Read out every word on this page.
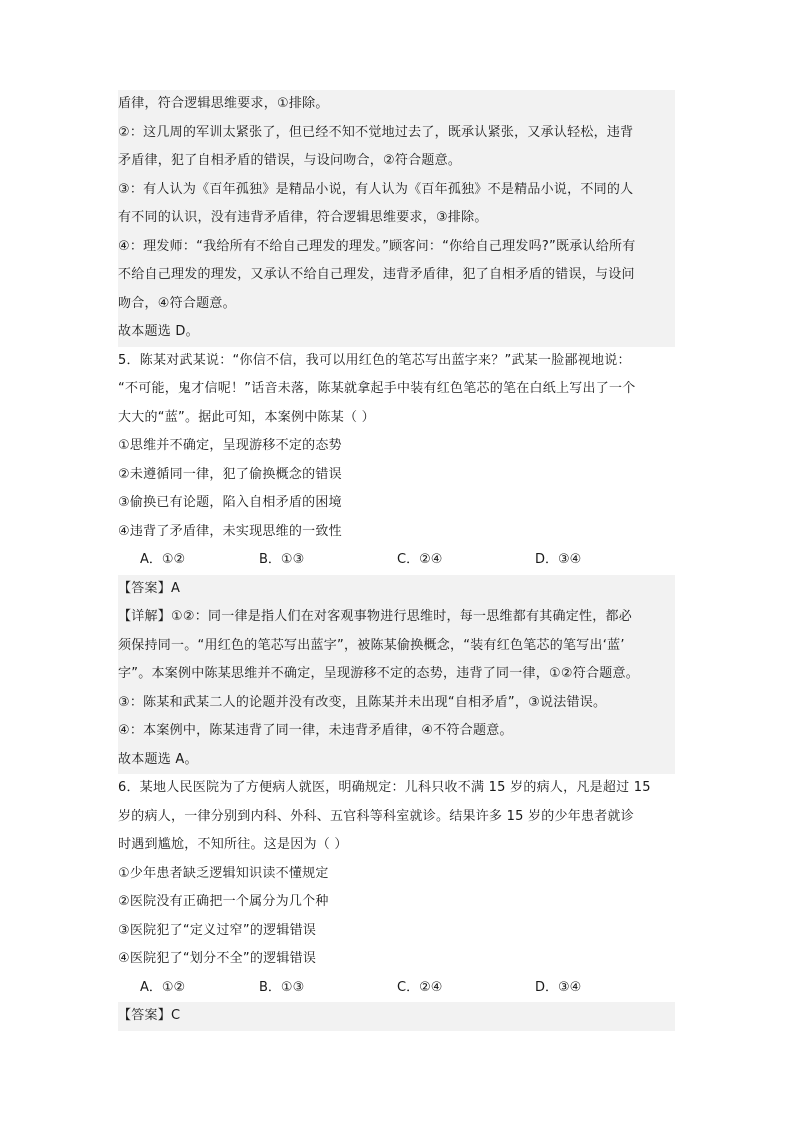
盾律，符合逻辑思维要求，①排除。
②：这几周的军训太紧张了，但已经不知不觉地过去了，既承认紧张，又承认轻松，违背
矛盾律，犯了自相矛盾的错误，与设问吻合，②符合题意。
③：有人认为《百年孤独》是精品小说，有人认为《百年孤独》不是精品小说，不同的人
有不同的认识，没有违背矛盾律，符合逻辑思维要求，③排除。
④：理发师：“我给所有不给自己理发的理发。”顾客问：“你给自己理发吗?”既承认给所有
不给自己理发的理发，又承认不给自己理发，违背矛盾律，犯了自相矛盾的错误，与设问
吻合，④符合题意。
故本题选 D。
5．陈某对武某说：“你信不信，我可以用红色的笔芯写出蓝字来？”武某一脸鄙视地说：
“不可能，鬼才信呢！”话音未落，陈某就拿起手中装有红色笔芯的笔在白纸上写出了一个
大大的“蓝”。据此可知，本案例中陈某（ ）
①思维并不确定，呈现游移不定的态势
②未遵循同一律，犯了偷换概念的错误
③偷换已有论题，陷入自相矛盾的困境
④违背了矛盾律，未实现思维的一致性
A．①②	B．①③	C．②④	D．③④
【答案】A
【详解】①②：同一律是指人们在对客观事物进行思维时，每一思维都有其确定性，都必
须保持同一。“用红色的笔芯写出蓝字”，被陈某偷换概念，“装有红色笔芯的笔写出‘蓝’
字”。本案例中陈某思维并不确定，呈现游移不定的态势，违背了同一律，①②符合题意。
③：陈某和武某二人的论题并没有改变，且陈某并未出现“自相矛盾”，③说法错误。
④：本案例中，陈某违背了同一律，未违背矛盾律，④不符合题意。
故本题选 A。
6．某地人民医院为了方便病人就医，明确规定：儿科只收不满 15 岁的病人，凡是超过 15
岁的病人，一律分别到内科、外科、五官科等科室就诊。结果许多 15 岁的少年患者就诊
时遇到尴尬，不知所往。这是因为（ ）
①少年患者缺乏逻辑知识读不懂规定
②医院没有正确把一个属分为几个种
③医院犯了“定义过窄”的逻辑错误
④医院犯了“划分不全”的逻辑错误
A．①②	B．①③	C．②④	D．③④
【答案】C
